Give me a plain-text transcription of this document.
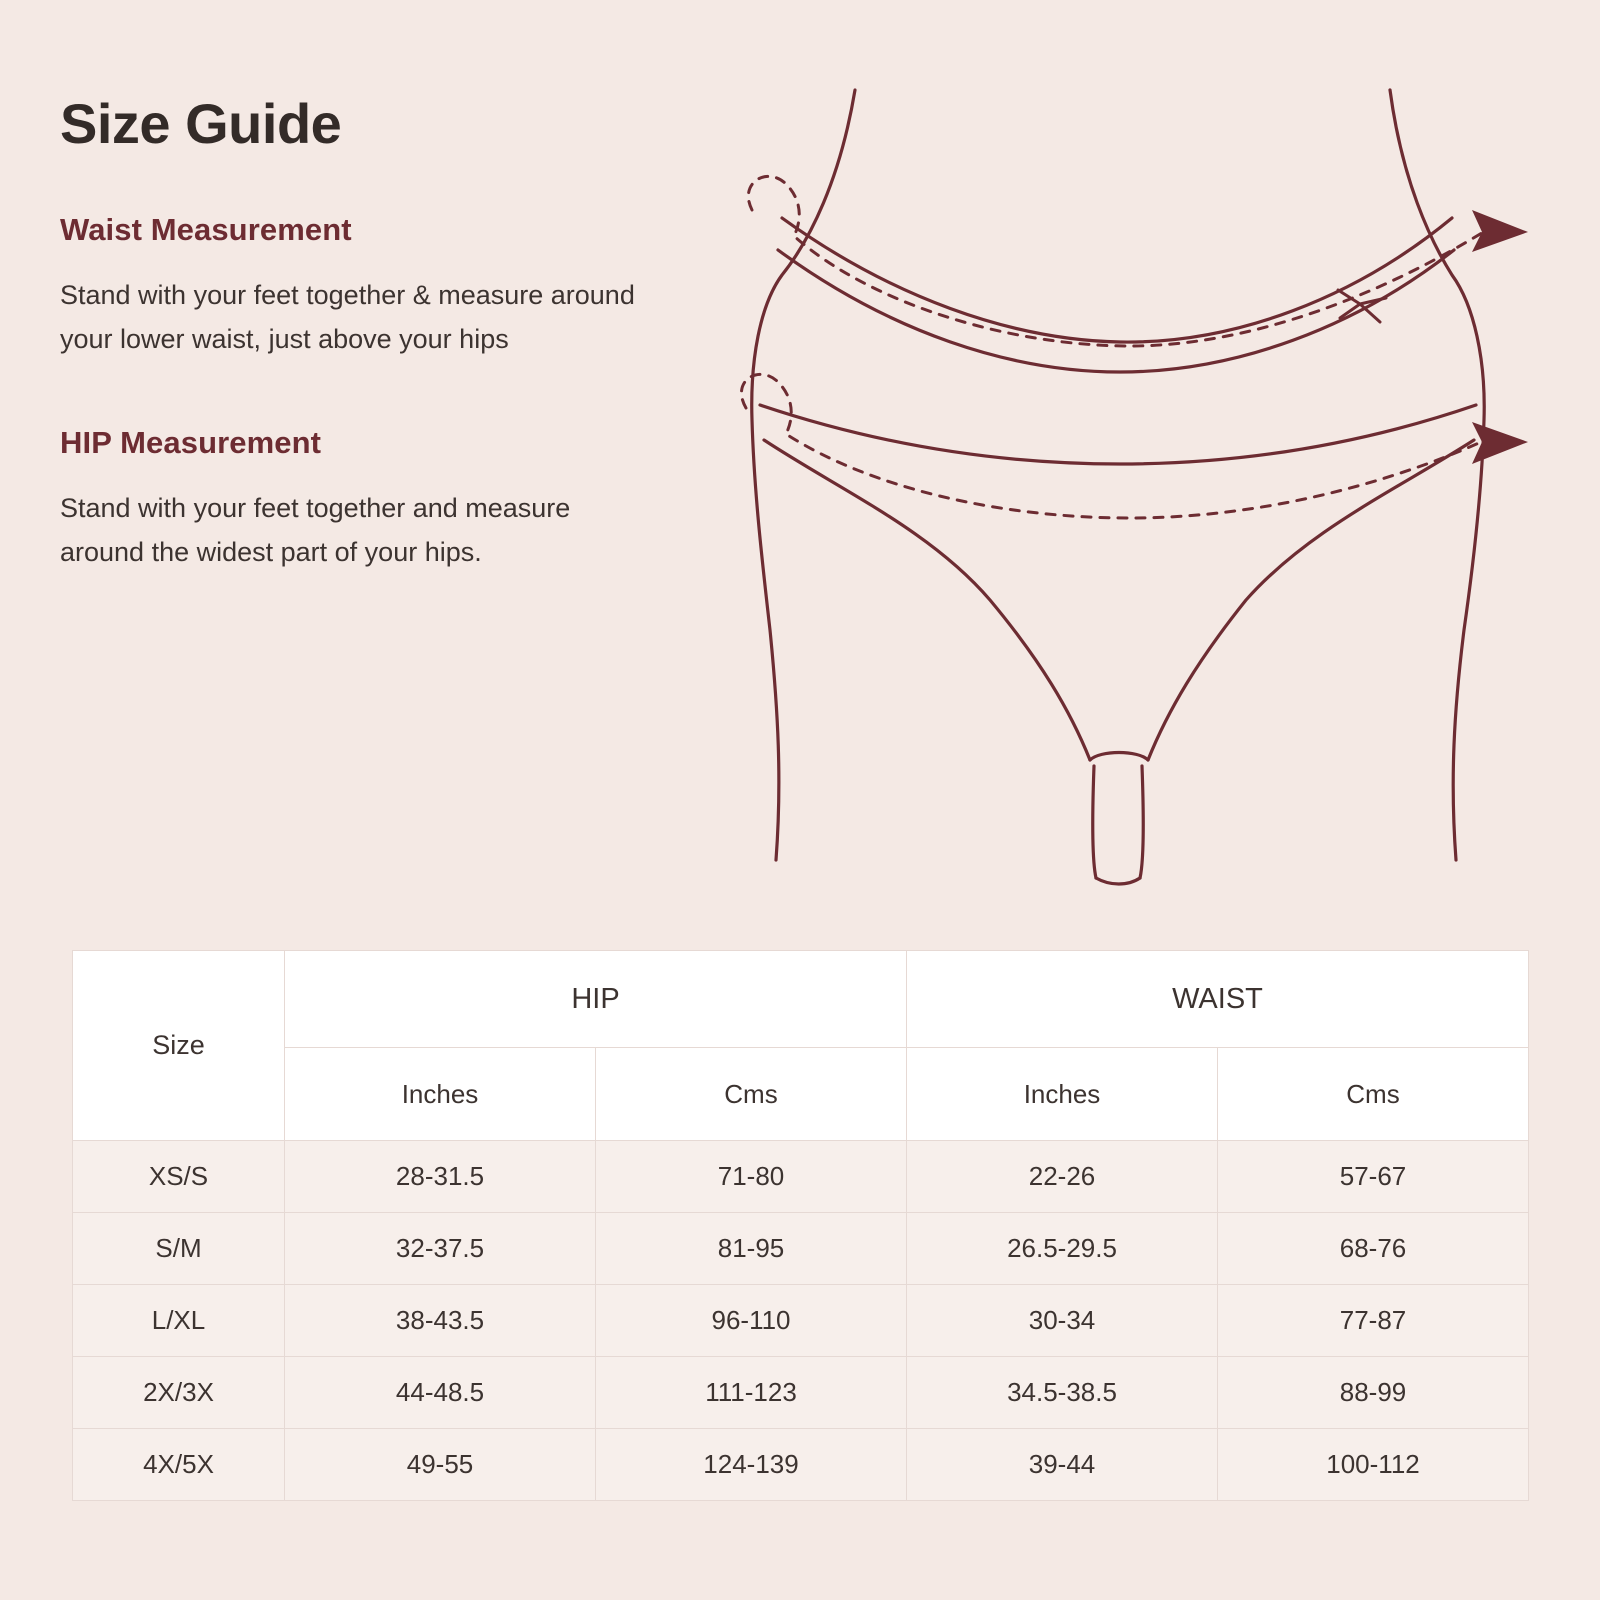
Size Guide
Waist Measurement

Stand with your feet together & measure around your lower waist, just above your hips

HIP Measurement

Stand with your feet together and measure around the widest part of your hips.

Size	HIP		WAIST	
	Inches	Cms	Inches	Cms
XS/S	28-31.5	71-80	22-26	57-67
S/M	32-37.5	81-95	26.5-29.5	68-76
L/XL	38-43.5	96-110	30-34	77-87
2X/3X	44-48.5	111-123	34.5-38.5	88-99
4X/5X	49-55	124-139	39-44	100-112
